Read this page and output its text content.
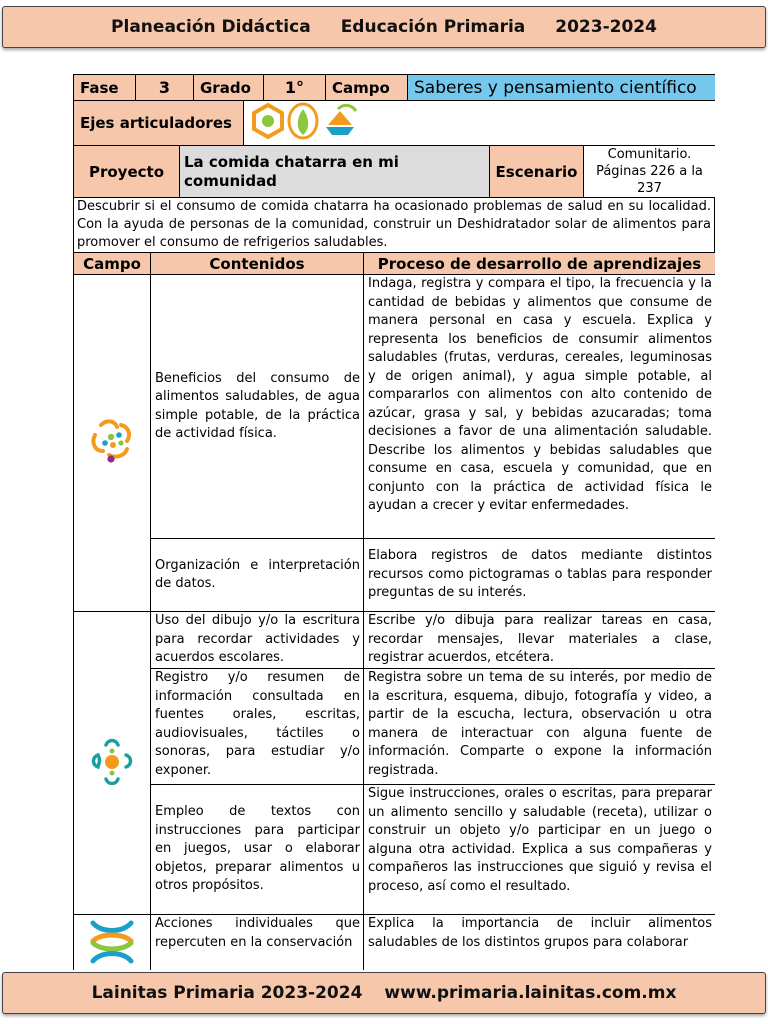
Planeación Didáctica Educación Primaria 2023-2024
Fase	3	Grado	1°	Campo	Saberes y pensamiento científico
Ejes articuladores	
Proyecto	La comida chatarra en mi comunidad	Escenario	Comunitario. Páginas 226 a la 237
Descubrir si el consumo de comida chatarra ha ocasionado problemas de salud en su localidad. Con la ayuda de personas de la comunidad, construir un Deshidratador solar de alimentos para promover el consumo de refrigerios saludables.
Campo	Contenidos	Proceso de desarrollo de aprendizajes
	Beneficios del consumo de alimentos saludables, de agua simple potable, de la práctica de actividad física.	Indaga, registra y compara el tipo, la frecuencia y la cantidad de bebidas y alimentos que consume de manera personal en casa y escuela. Explica y representa los beneficios de consumir alimentos saludables (frutas, verduras, cereales, leguminosas y de origen animal), y agua simple potable, al compararlos con alimentos con alto contenido de azúcar, grasa y sal, y bebidas azucaradas; toma decisiones a favor de una alimentación saludable. Describe los alimentos y bebidas saludables que consume en casa, escuela y comunidad, que en conjunto con la práctica de actividad física le ayudan a crecer y evitar enfermedades.
	Organización e interpretación de datos.	Elabora registros de datos mediante distintos recursos como pictogramas o tablas para responder preguntas de su interés.
	Uso del dibujo y/o la escritura para recordar actividades y acuerdos escolares.	Escribe y/o dibuja para realizar tareas en casa, recordar mensajes, llevar materiales a clase, registrar acuerdos, etcétera.
	Registro y/o resumen de información consultada en fuentes orales, escritas, audiovisuales, táctiles o sonoras, para estudiar y/o exponer.	Registra sobre un tema de su interés, por medio de la escritura, esquema, dibujo, fotografía y video, a partir de la escucha, lectura, observación u otra manera de interactuar con alguna fuente de información. Comparte o expone la información registrada.
	Empleo de textos con instrucciones para participar en juegos, usar o elaborar objetos, preparar alimentos u otros propósitos.	Sigue instrucciones, orales o escritas, para preparar un alimento sencillo y saludable (receta), utilizar o construir un objeto y/o participar en un juego o alguna otra actividad. Explica a sus compañeras y compañeros las instrucciones que siguió y revisa el proceso, así como el resultado.
	Acciones individuales que repercuten en la conservación	Explica la importancia de incluir alimentos saludables de los distintos grupos para colaborar
Lainitas Primaria 2023-2024 www.primaria.lainitas.com.mx
